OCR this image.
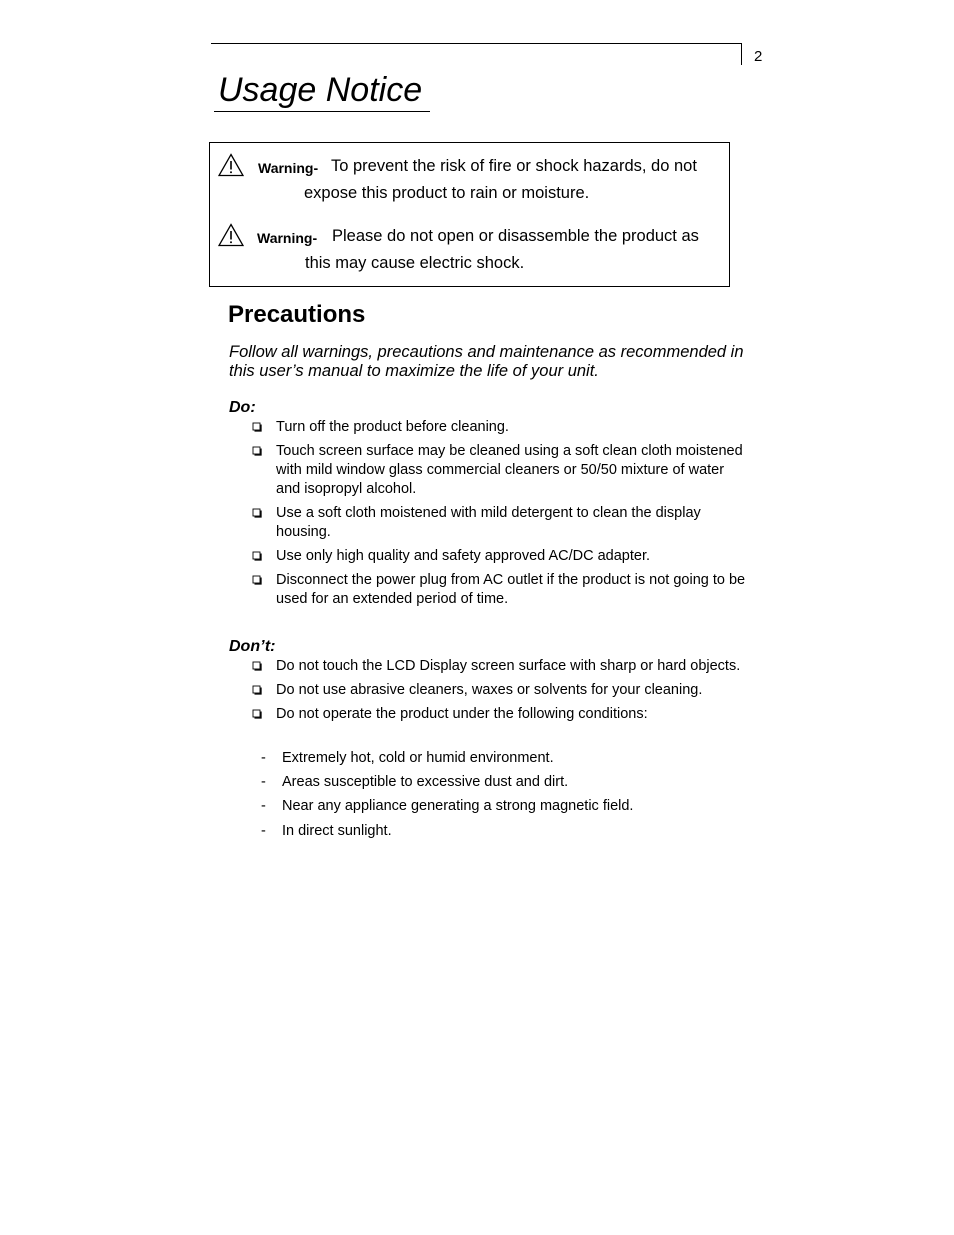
2
Usage Notice
Warning- To prevent the risk of fire or shock hazards, do not
expose this product to rain or moisture.
Warning- Please do not open or disassemble the product as
this may cause electric shock.
Precautions

Follow all warnings, precautions and maintenance as recommended in this user’s manual to maximize the life of your unit.

Do:
Turn off the product before cleaning.
Touch screen surface may be cleaned using a soft clean cloth moistened with mild window glass commercial cleaners or 50/50 mixture of water and isopropyl alcohol.
Use a soft cloth moistened with mild detergent to clean the display housing.
Use only high quality and safety approved AC/DC adapter.
Disconnect the power plug from AC outlet if the product is not going to be used for an extended period of time.
Don’t:
Do not touch the LCD Display screen surface with sharp or hard objects.
Do not use abrasive cleaners, waxes or solvents for your cleaning.
Do not operate the product under the following conditions:
- Extremely hot, cold or humid environment.
- Areas susceptible to excessive dust and dirt.
- Near any appliance generating a strong magnetic field.
- In direct sunlight.
